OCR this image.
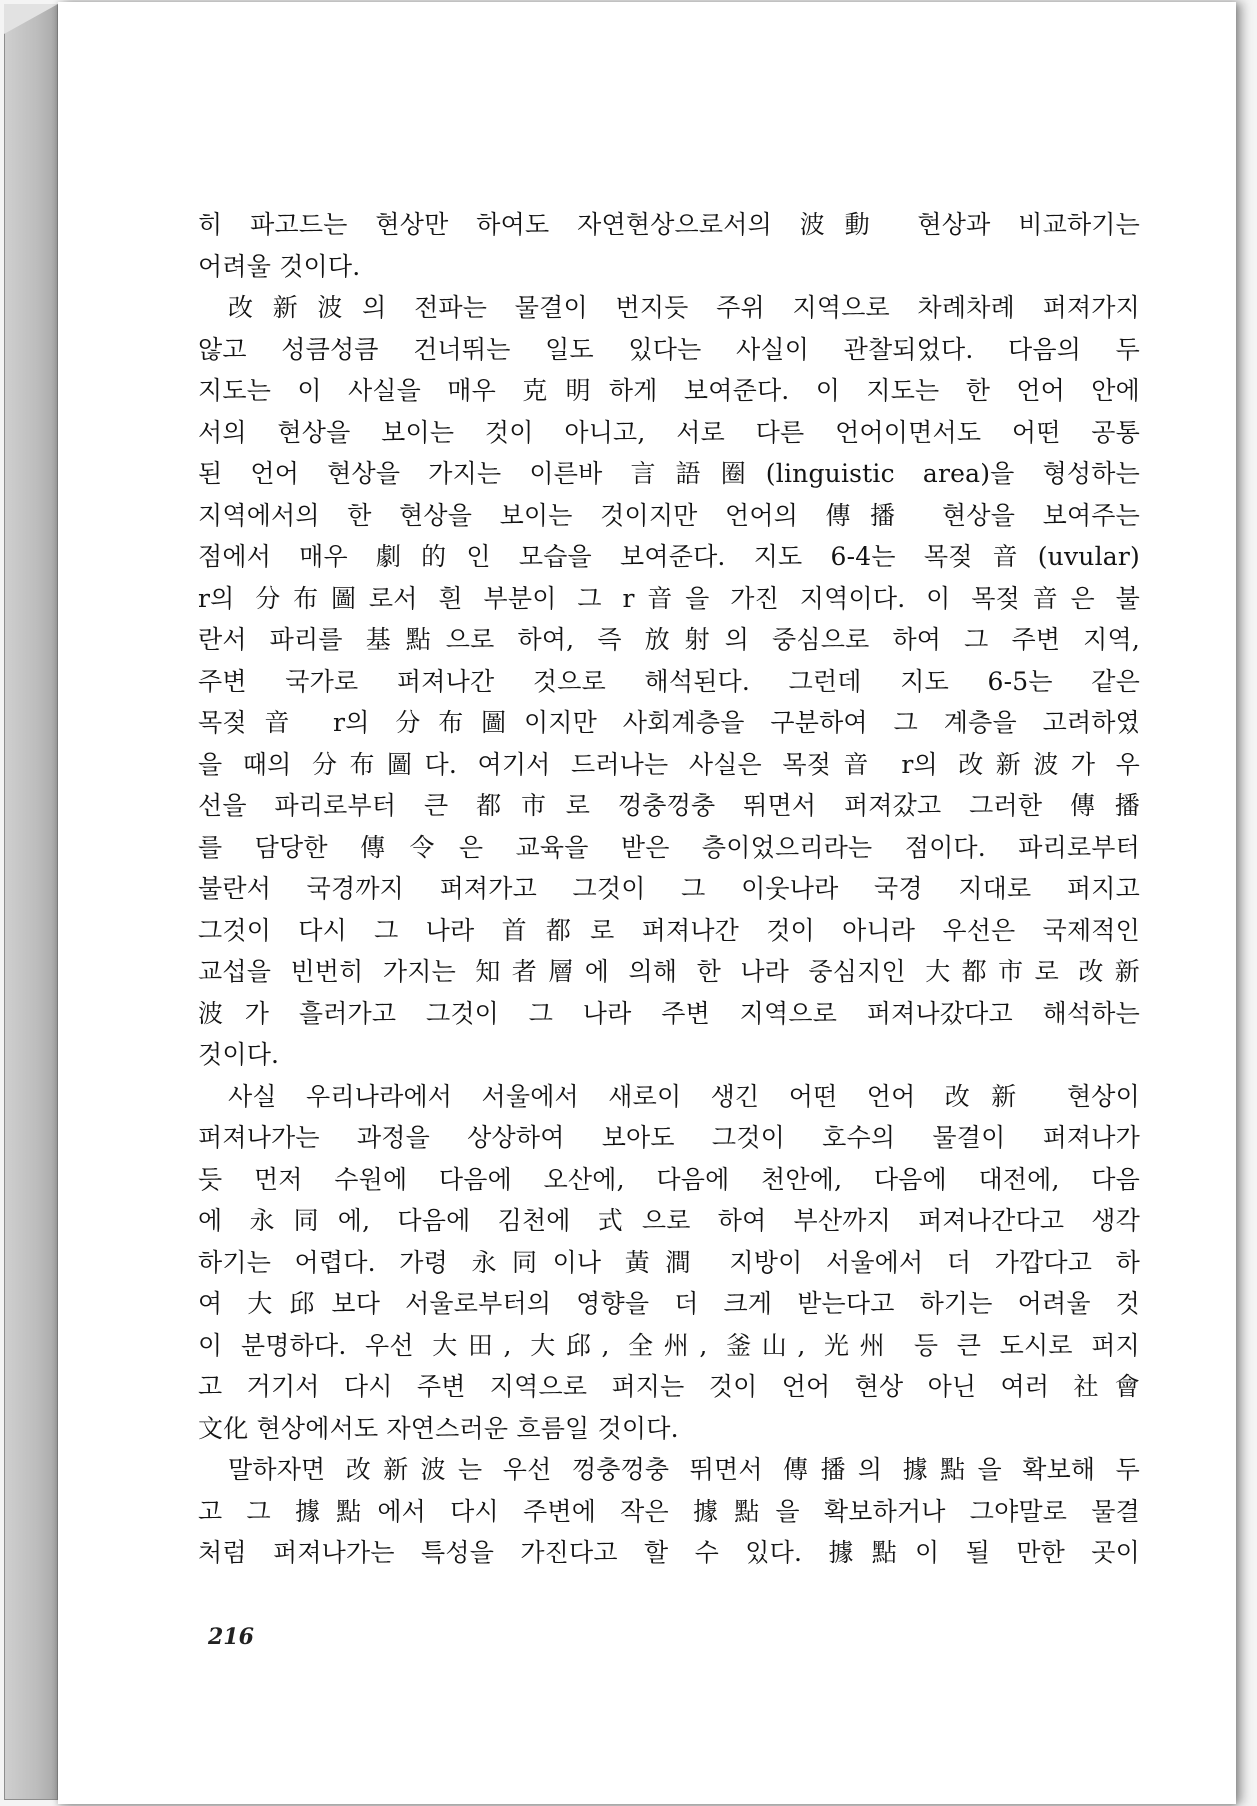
히 파고드는 현상만 하여도 자연현상으로서의 波動 현상과 비교하기는
어려울 것이다.
改新波의 전파는 물결이 번지듯 주위 지역으로 차례차례 퍼져가지
않고 성큼성큼 건너뛰는 일도 있다는 사실이 관찰되었다. 다음의 두
지도는 이 사실을 매우 克明하게 보여준다. 이 지도는 한 언어 안에
서의 현상을 보이는 것이 아니고, 서로 다른 언어이면서도 어떤 공통
된 언어 현상을 가지는 이른바 言語圈(linguistic area)을 형성하는
지역에서의 한 현상을 보이는 것이지만 언어의 傳播 현상을 보여주는
점에서 매우 劇的인 모습을 보여준다. 지도 6-4는 목젖音(uvular)
r의 分布圖로서 흰 부분이 그 r音을 가진 지역이다. 이 목젖音은 불
란서 파리를 基點으로 하여, 즉 放射의 중심으로 하여 그 주변 지역,
주변 국가로 퍼져나간 것으로 해석된다. 그런데 지도 6-5는 같은
목젖音 r의 分布圖이지만 사회계층을 구분하여 그 계층을 고려하였
을 때의 分布圖다. 여기서 드러나는 사실은 목젖音 r의 改新波가 우
선을 파리로부터 큰 都市로 껑충껑충 뛰면서 퍼져갔고 그러한 傳播
를 담당한 傳令은 교육을 받은 층이었으리라는 점이다. 파리로부터
불란서 국경까지 퍼져가고 그것이 그 이웃나라 국경 지대로 퍼지고
그것이 다시 그 나라 首都로 퍼져나간 것이 아니라 우선은 국제적인
교섭을 빈번히 가지는 知者層에 의해 한 나라 중심지인 大都市로 改新
波가 흘러가고 그것이 그 나라 주변 지역으로 퍼져나갔다고 해석하는
것이다.
사실 우리나라에서 서울에서 새로이 생긴 어떤 언어 改新 현상이
퍼져나가는 과정을 상상하여 보아도 그것이 호수의 물결이 퍼져나가
듯 먼저 수원에 다음에 오산에, 다음에 천안에, 다음에 대전에, 다음
에 永同에, 다음에 김천에 式으로 하여 부산까지 퍼져나간다고 생각
하기는 어렵다. 가령 永同이나 黃澗 지방이 서울에서 더 가깝다고 하
여 大邱보다 서울로부터의 영향을 더 크게 받는다고 하기는 어려울 것
이 분명하다. 우선 大田, 大邱, 全州, 釜山, 光州 등 큰 도시로 퍼지
고 거기서 다시 주변 지역으로 퍼지는 것이 언어 현상 아닌 여러 社會
文化 현상에서도 자연스러운 흐름일 것이다.
말하자면 改新波는 우선 껑충껑충 뛰면서 傳播의 據點을 확보해 두
고 그 據點에서 다시 주변에 작은 據點을 확보하거나 그야말로 물결
처럼 퍼져나가는 특성을 가진다고 할 수 있다. 據點이 될 만한 곳이
216
